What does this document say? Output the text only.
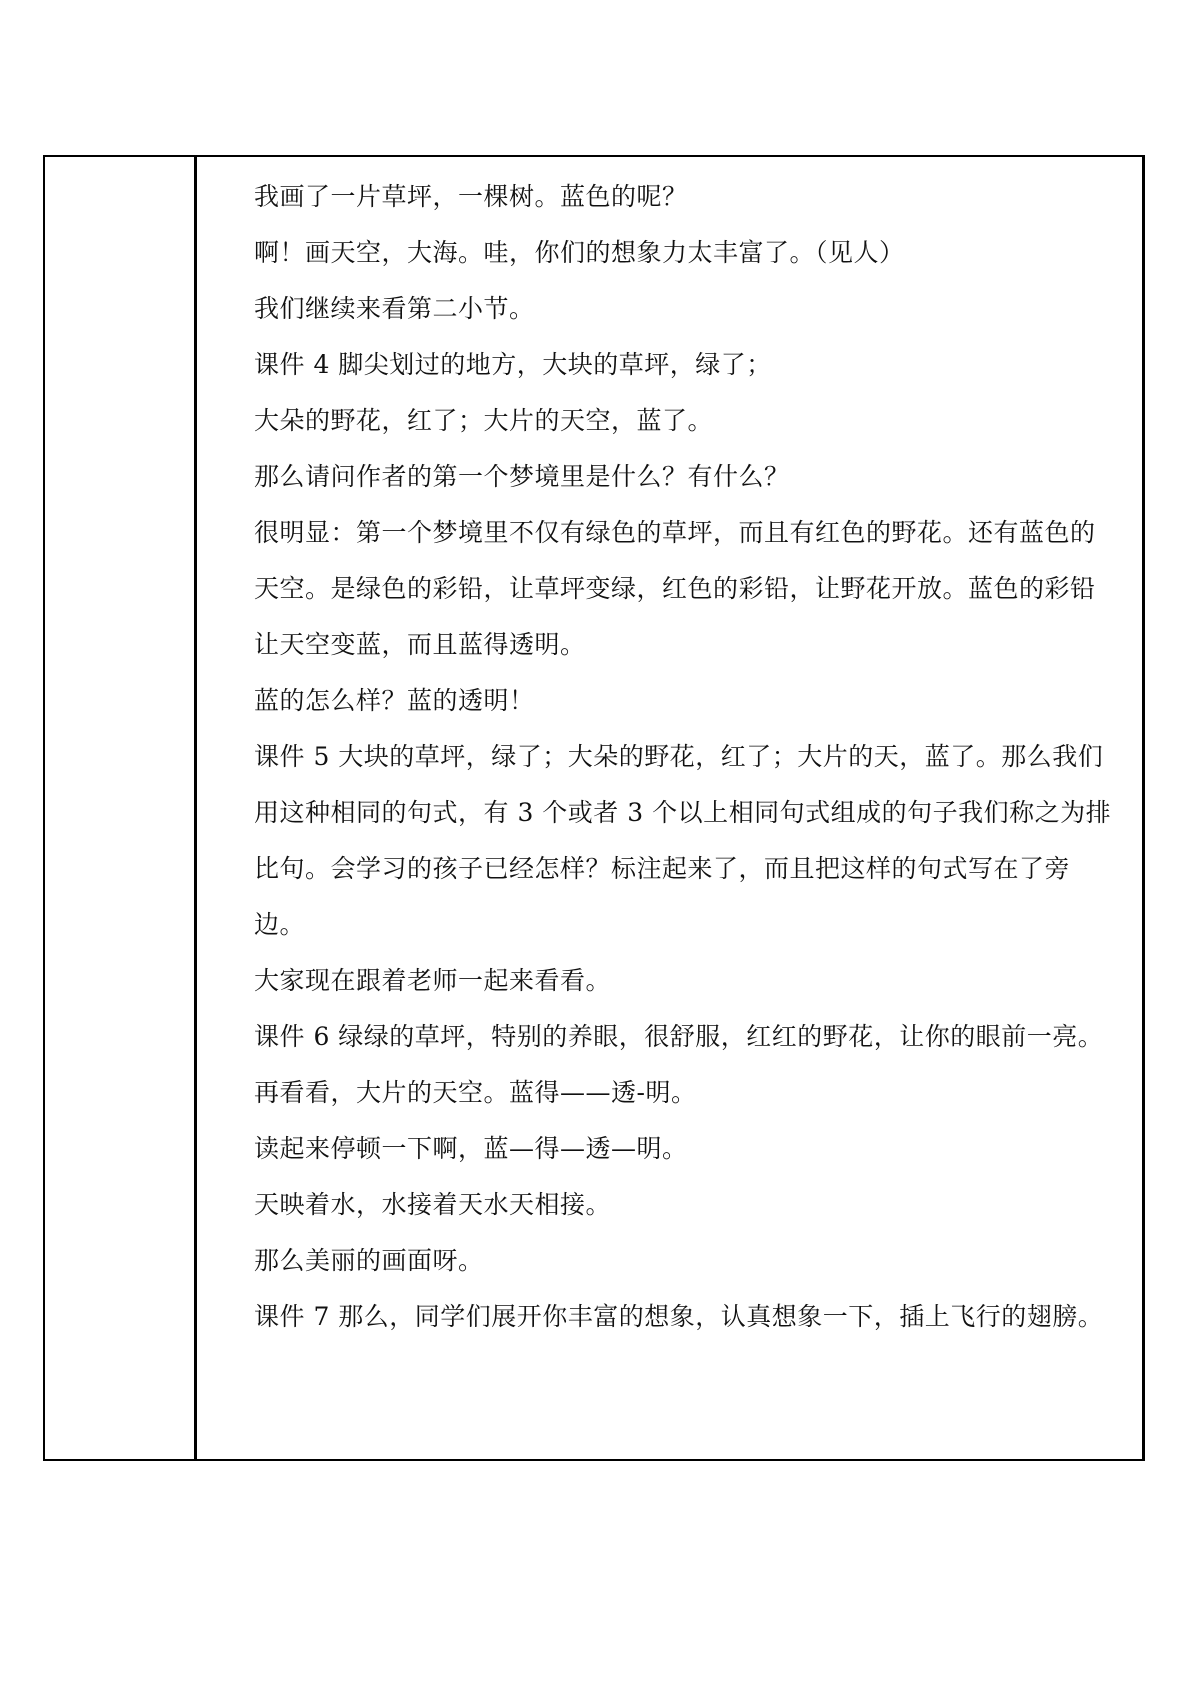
我画了一片草坪，一棵树。蓝色的呢？
啊！画天空，大海。哇，你们的想象力太丰富了。（见人）
我们继续来看第二小节。
课件 4 脚尖划过的地方，大块的草坪，绿了；
大朵的野花，红了；大片的天空，蓝了。
那么请问作者的第一个梦境里是什么？有什么？
很明显：第一个梦境里不仅有绿色的草坪，而且有红色的野花。还有蓝色的
天空。是绿色的彩铅，让草坪变绿，红色的彩铅，让野花开放。蓝色的彩铅
让天空变蓝，而且蓝得透明。
蓝的怎么样？蓝的透明！
课件 5 大块的草坪，绿了；大朵的野花，红了；大片的天，蓝了。那么我们
用这种相同的句式，有 3 个或者 3 个以上相同句式组成的句子我们称之为排
比句。会学习的孩子已经怎样？标注起来了，而且把这样的句式写在了旁
边。
大家现在跟着老师一起来看看。
课件 6 绿绿的草坪，特别的养眼，很舒服，红红的野花，让你的眼前一亮。
再看看，大片的天空。蓝得——透-明。
读起来停顿一下啊，蓝—得—透—明。
天映着水，水接着天水天相接。
那么美丽的画面呀。
课件 7 那么，同学们展开你丰富的想象，认真想象一下，插上飞行的翅膀。
